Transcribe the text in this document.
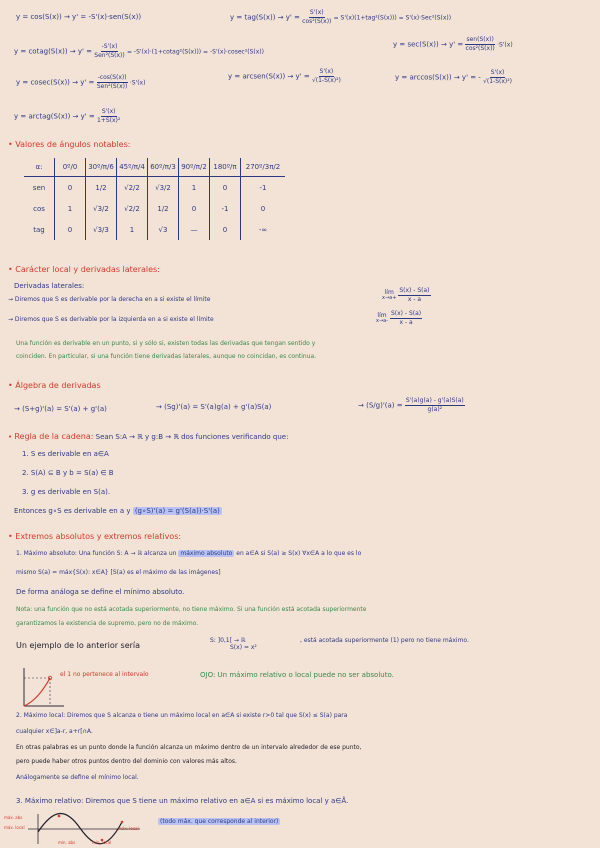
y = cos(S(x)) → y' = -S'(x)·sen(S(x))	$y = tag(S(x)) \to y' = \frac{S'(x)}{\text{cos²(S(x))}} = S'(x)(1+tag^2(S(x))) = S'(x)\cdot Sec^2(S(x))$
y = cotag(S(x)) → $y' = \frac{-S'(x)}{\text{Sen²(S(x))}}$ = -S'(x)·(1+cotag²(S(x))) = -S'(x)·cosec²(S(x))
$y = \sec(S(x)) \to y' = \frac{\text{sen(S(x))}}{\text{cos²(S(x))}} \cdot S'(x)$
$y = cosec(S(x)) \to y' = \frac{-\cos(S(x))}{\text{Sen²(S(x))}} \cdot S'(x)$
y = arcsen(S(x)) → $y' = \frac{S'(x)}{\text{√(1-S(x)²)}}$	y = arccos(S(x)) → y' = - $\frac{S'(x)}{\text{√(1-S(x)²)}}$
y = arctag(S(x)) → $y' = \frac{S'(x)}{\text{1+S(x)²}}$
• Valores de ángulos notables:
α:	0º/0	30º/π/6	45º/π/4	60º/π/3	90º/π/2	180º/π	270º/3π/2
sen	0	1/2	√2/2	√3/2	1	0	-1
cos	1	√3/2	√2/2	1/2	0	-1	0
tag	0	√3/3	1	√3	—	0	-∞
• Carácter local y derivadas laterales:
Derivadas laterales:
→ Diremos que S es derivable por la derecha en a si existe el límite
lím
x→a+
$\frac{S(x) - S(a)}{x - a}$
→ Diremos que S es derivable por la izquierda en a si existe el límite
lím
x→a-
$\frac{S(x) - S(a)}{x - a}$
Una función es derivable en un punto, si y sólo si, existen todas las derivadas que tengan sentido y
coinciden. En particular, si una función tiene derivadas laterales, aunque no coincidan, es continua.
• Álgebra de derivadas
→ (S+g)'(a) = S'(a) + g'(a)	→ (Sg)'(a) = S'(a)g(a) + g'(a)S(a)	→ $(S/g)'(a) = \frac{S'(a)g(a) - g'(a)S(a)}{\text{g(a)²}}$
• Regla de la cadena: Sean S:A → ℝ y g:B → ℝ dos funciones verificando que:
1. S es derivable en a∈A
2. S(A) ⊆ B y b = S(a) ∈ B
3. g es derivable en S(a).
Entonces g∘S es derivable en a y (g∘S)'(a) = g'(S(a))·S'(a)
• Extremos absolutos y extremos relativos:
1. Máximo absoluto: Una función S: A → ℝ alcanza un máximo absoluto en a∈A si S(a) ≥ S(x) ∀x∈A a lo que es lo
mismo S(a) = máx{S(x): x∈A} [S(a) es el máximo de las imágenes]
De forma análoga se define el mínimo absoluto.
Nota: una función que no está acotada superiormente, no tiene máximo. Si una función está acotada superiormente
garantizamos la existencia de supremo, pero no de máximo.
Un ejemplo de lo anterior sería
S: ]0,1[ → ℝ
S(x) = x²
, está acotada superiormente (1) pero no tiene máximo.
el 1 no pertenece al intervalo	OJO: Un máximo relativo o local puede no ser absoluto.
2. Máximo local: Diremos que S alcanza o tiene un máximo local en a∈A si existe r>0 tal que S(x) ≤ S(a) para
cualquier x∈]a-r, a+r[∩A.
En otras palabras es un punto donde la función alcanza un máximo dentro de un intervalo alrededor de ese punto,
pero puede haber otros puntos dentro del dominio con valores más altos.
Análogamente se define el mínimo local.
3. Máximo relativo: Diremos que S tiene un máximo relativo en a∈A si es máximo local y a∈Å.
máx. abs
máx. local
mín. abs	mín. local
máx. local
(todo máx. que corresponde al interior)
